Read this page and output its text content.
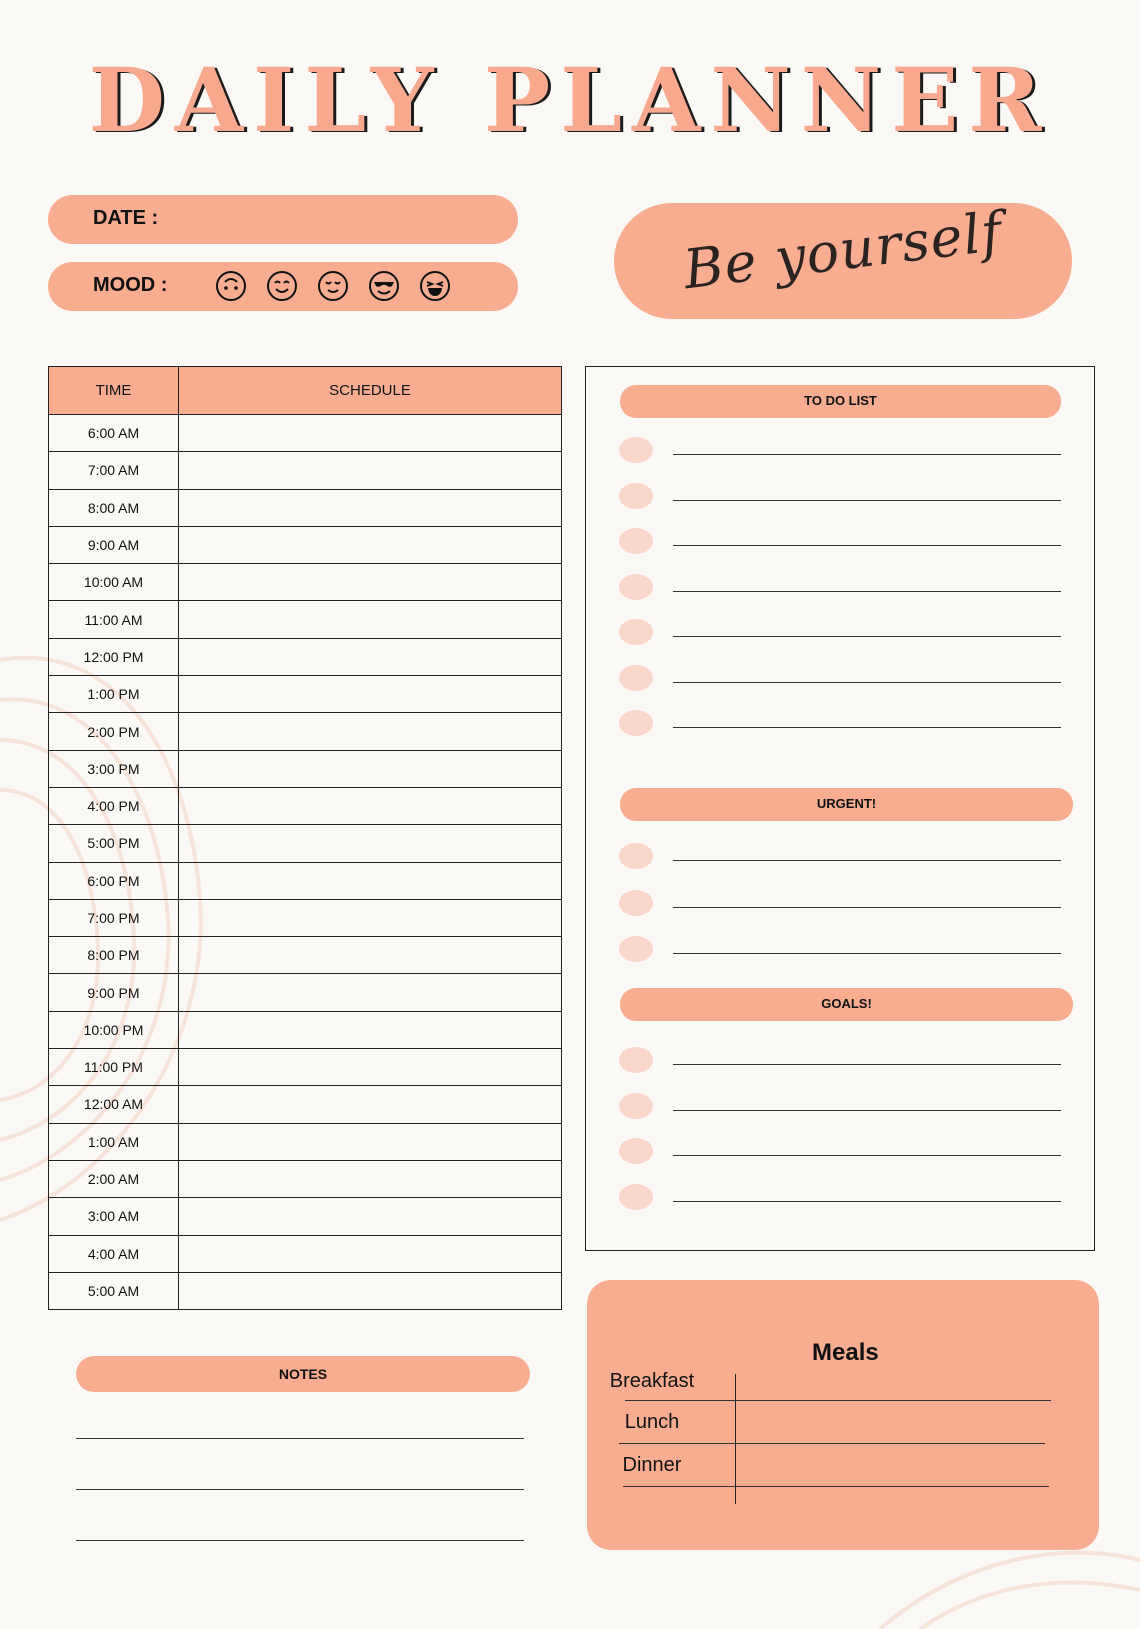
DAILY PLANNER
DATE :
MOOD :	Be yourself
TIME	SCHEDULE
6:00 AM	
7:00 AM	
8:00 AM	
9:00 AM	
10:00 AM	
11:00 AM	
12:00 PM	
1:00 PM	
2:00 PM	
3:00 PM	
4:00 PM	
5:00 PM	
6:00 PM	
7:00 PM	
8:00 PM	
9:00 PM	
10:00 PM	
11:00 PM	
12:00 AM	
1:00 AM	
2:00 AM	
3:00 AM	
4:00 AM	
5:00 AM	
TO DO LIST
URGENT!
GOALS!
NOTES
Meals
Breakfast
Lunch
Dinner
